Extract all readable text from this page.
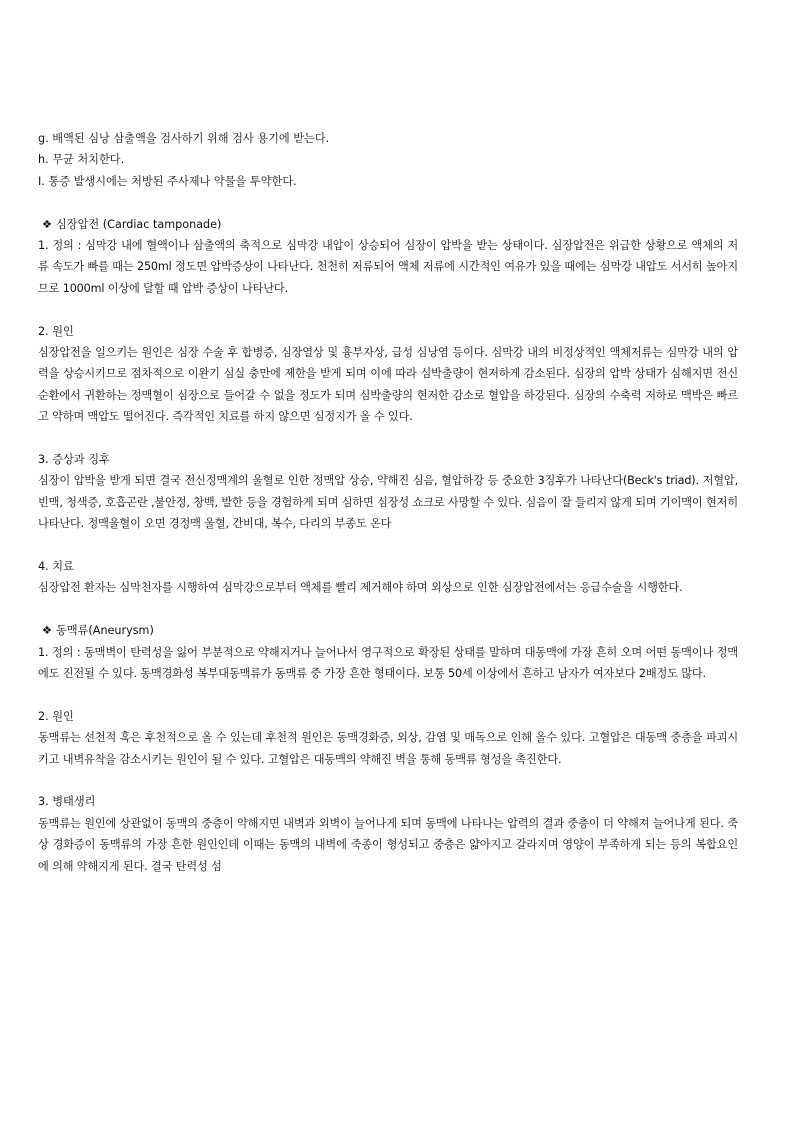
g. 배액된 심낭 삼출액을 검사하기 위해 검사 용기에 받는다.

h. 무균 처치한다.

I. 통증 발생시에는 처방된 주사제나 약물을 투약한다.

❖ 심장압전 (Cardiac tamponade)

1. 정의 : 심막강 내에 혈액이나 삼출액의 축적으로 심막강 내압이 상승되어 심장이 압박을 받는 상태이다. 심장압전은 위급한 상황으로 액체의 저류 속도가 빠를 때는 250ml 정도면 압박증상이 나타난다. 천천히 저류되어 액체 저류에 시간적인 여유가 있을 때에는 심막강 내압도 서서히 높아지므로 1000ml 이상에 달할 때 압박 증상이 나타난다.

2. 원인

심장압전을 일으키는 원인은 심장 수술 후 합병증, 심장열상 및 흉부자상, 급성 심낭염 등이다. 심막강 내의 비정상적인 액체저류는 심막강 내의 압력을 상승시키므로 점차적으로 이완기 심실 충만에 제한을 받게 되며 이에 따라 심박출량이 현저하게 감소된다. 심장의 압박 상태가 심해지면 전신 순환에서 귀환하는 정맥혈이 심장으로 들어갈 수 없을 정도가 되며 심박출량의 현저한 감소로 혈압을 하강된다. 심장의 수축력 저하로 맥박은 빠르고 약하며 맥압도 떨어진다. 즉각적인 치료를 하지 않으면 심정지가 올 수 있다.

3. 증상과 징후

심장이 압박을 받게 되면 결국 전신정맥계의 울혈로 인한 정맥압 상승, 약해진 심음, 혈압하강 등 중요한 3징후가 나타난다(Beck's triad). 저혈압, 빈맥, 청색증, 호흡곤란 ,불안정, 창백, 발한 등을 경험하게 되며 심하면 심장성 쇼크로 사망할 수 있다. 심음이 잘 들리지 않게 되며 기이맥이 현저히 나타난다. 정맥울혈이 오면 경정맥 울혈, 간비대, 복수, 다리의 부종도 온다

4. 치료

심장압전 환자는 심막천자를 시행하여 심막강으로부터 액체를 빨리 제거해야 하며 외상으로 인한 심장압전에서는 응급수술을 시행한다.

❖ 동맥류(Aneurysm)

1. 정의 : 동맥벽이 탄력성을 잃어 부분적으로 약해지거나 늘어나서 영구적으로 확장된 상태를 말하며 대동맥에 가장 흔히 오며 어떤 동맥이나 정맥에도 진전될 수 있다. 동맥경화성 복부대동맥류가 동맥류 중 가장 흔한 형태이다. 보통 50세 이상에서 흔하고 남자가 여자보다 2배정도 많다.

2. 원인

동맥류는 선천적 혹은 후천적으로 올 수 있는데 후천적 원인은 동맥경화증, 외상, 감염 및 매독으로 인해 올수 있다. 고혈압은 대동맥 중층을 파괴시키고 내벽유착을 감소시키는 원인이 될 수 있다. 고혈압은 대동맥의 약해진 벽을 통해 동맥류 형성을 촉진한다.

3. 병태생리

동맥류는 원인에 상관없이 동맥의 중층이 약해지면 내벽과 외벽이 늘어나게 되며 동맥에 나타나는 압력의 결과 중층이 더 약해져 늘어나게 된다. 죽상 경화증이 동맥류의 가장 흔한 원인인데 이때는 동맥의 내벽에 죽종이 형성되고 중층은 얇아지고 갈라지며 영양이 부족하게 되는 등의 복합요인에 의해 약해지게 된다. 결국 탄력성 섬
